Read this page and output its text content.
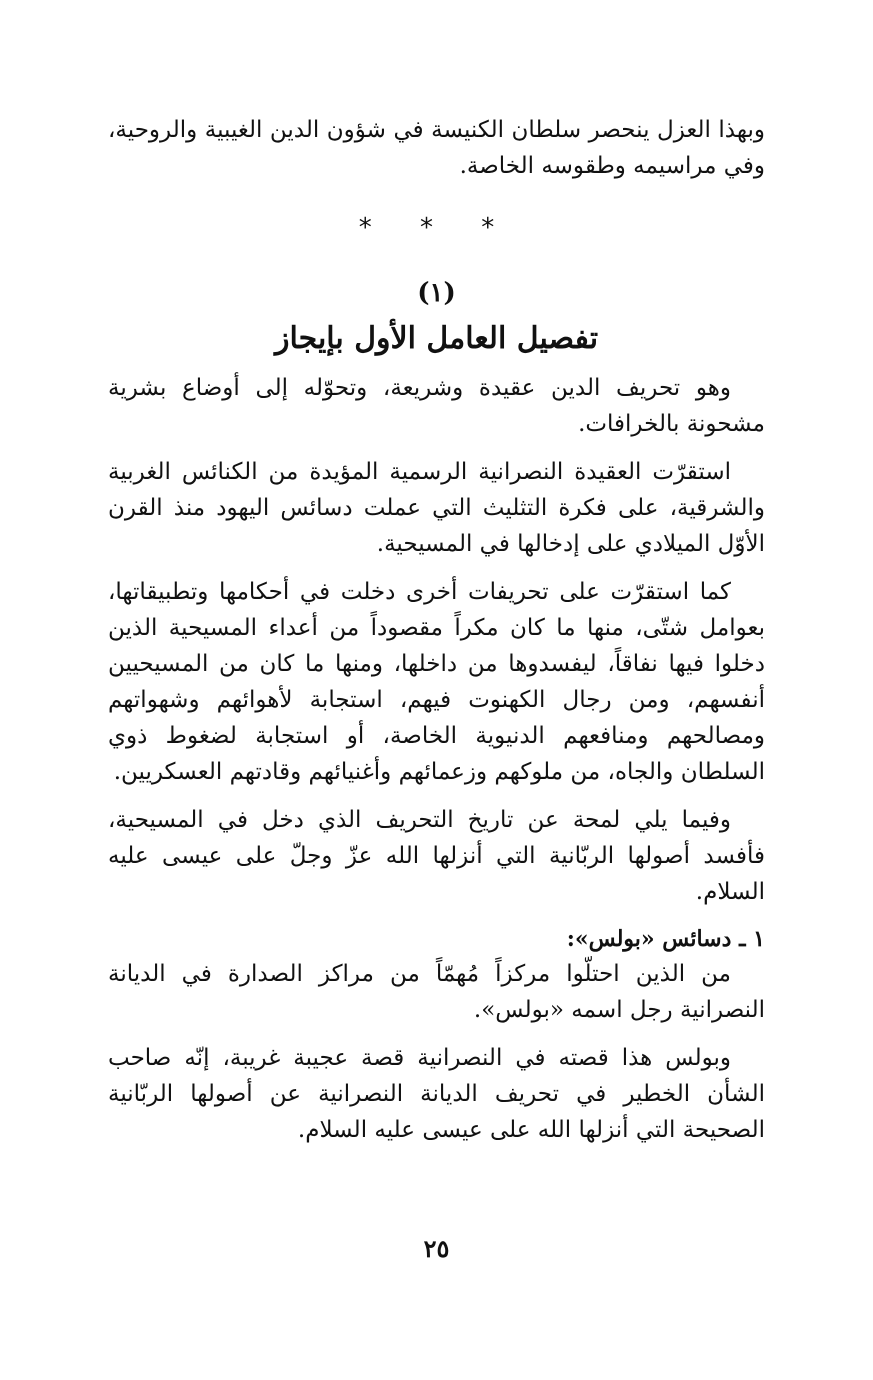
وبهذا العزل ينحصر سلطان الكنيسة في شؤون الدين الغيبية والروحية، وفي مراسيمه وطقوسه الخاصة.

* * *
(١)
تفصيل العامل الأول بإيجاز

وهو تحريف الدين عقيدة وشريعة، وتحوّله إلى أوضاع بشرية مشحونة بالخرافات.

استقرّت العقيدة النصرانية الرسمية المؤيدة من الكنائس الغربية والشرقية، على فكرة التثليث التي عملت دسائس اليهود منذ القرن الأوّل الميلادي على إدخالها في المسيحية.

كما استقرّت على تحريفات أخرى دخلت في أحكامها وتطبيقاتها، بعوامل شتّى، منها ما كان مكراً مقصوداً من أعداء المسيحية الذين دخلوا فيها نفاقاً، ليفسدوها من داخلها، ومنها ما كان من المسيحيين أنفسهم، ومن رجال الكهنوت فيهم، استجابة لأهوائهم وشهواتهم ومصالحهم ومنافعهم الدنيوية الخاصة، أو استجابة لضغوط ذوي السلطان والجاه، من ملوكهم وزعمائهم وأغنيائهم وقادتهم العسكريين.

وفيما يلي لمحة عن تاريخ التحريف الذي دخل في المسيحية، فأفسد أصولها الربّانية التي أنزلها الله عزّ وجلّ على عيسى عليه السلام.

١ ـ دسائس «بولس»:

من الذين احتلّوا مركزاً مُهمّاً من مراكز الصدارة في الديانة النصرانية رجل اسمه «بولس».

وبولس هذا قصته في النصرانية قصة عجيبة غريبة، إنّه صاحب الشأن الخطير في تحريف الديانة النصرانية عن أصولها الربّانية الصحيحة التي أنزلها الله على عيسى عليه السلام.

٢٥
